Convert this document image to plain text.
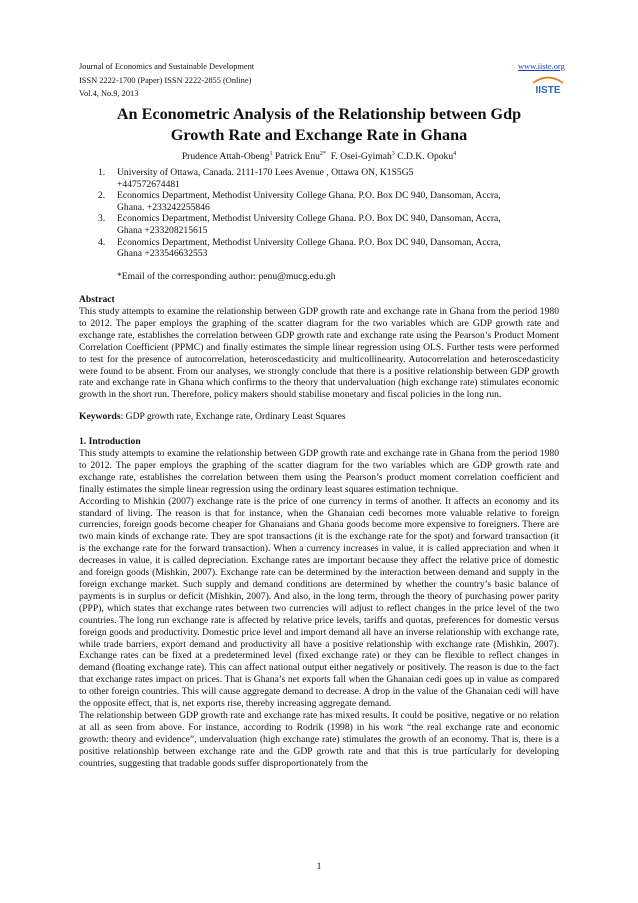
Journal of Economics and Sustainable Development
ISSN 2222-1700 (Paper) ISSN 2222-2855 (Online)
Vol.4, No.9, 2013
www.iiste.org
IISTE
An Econometric Analysis of the Relationship between Gdp
Growth Rate and Exchange Rate in Ghana
Prudence Attah-Obeng$^1$ Patrick Enu$^{2*}$ F. Osei-Gyimah$^3$ C.D.K. Opoku$^4$
1. University of Ottawa, Canada. 2111-170 Lees Avenue , Ottawa ON, K1S5G5
+447572674481
2. Economics Department, Methodist University College Ghana. P.O. Box DC 940, Dansoman, Accra,
Ghana. +233242255846
3. Economics Department, Methodist University College Ghana. P.O. Box DC 940, Dansoman, Accra,
Ghana +233208215615
4. Economics Department, Methodist University College Ghana. P.O. Box DC 940, Dansoman, Accra,
Ghana +233546632553
*Email of the corresponding author: penu@mucg.edu.gh
Abstract
This study attempts to examine the relationship between GDP growth rate and exchange rate in Ghana from the period 1980 to 2012. The paper employs the graphing of the scatter diagram for the two variables which are GDP growth rate and exchange rate, establishes the correlation between GDP growth rate and exchange rate using the Pearson’s Product Moment Correlation Coefficient (PPMC) and finally estimates the simple linear regression using OLS. Further tests were performed to test for the presence of autocorrelation, heteroscedasticity and multicollinearity. Autocorrelation and heteroscedasticity were found to be absent. From our analyses, we strongly conclude that there is a positive relationship between GDP growth rate and exchange rate in Ghana which confirms to the theory that undervaluation (high exchange rate) stimulates economic growth in the short run. Therefore, policy makers should stabilise monetary and fiscal policies in the long run.
Keywords: GDP growth rate, Exchange rate, Ordinary Least Squares
1. Introduction

This study attempts to examine the relationship between GDP growth rate and exchange rate in Ghana from the period 1980 to 2012. The paper employs the graphing of the scatter diagram for the two variables which are GDP growth rate and exchange rate, establishes the correlation between them using the Pearson’s product moment correlation coefficient and finally estimates the simple linear regression using the ordinary least squares estimation technique.

According to Mishkin (2007) exchange rate is the price of one currency in terms of another. It affects an economy and its standard of living. The reason is that for instance, when the Ghanaian cedi becomes more valuable relative to foreign currencies, foreign goods become cheaper for Ghanaians and Ghana goods become more expensive to foreigners. There are two main kinds of exchange rate. They are spot transactions (it is the exchange rate for the spot) and forward transaction (it is the exchange rate for the forward transaction). When a currency increases in value, it is called appreciation and when it decreases in value, it is called depreciation. Exchange rates are important because they affect the relative price of domestic and foreign goods (Mishkin, 2007). Exchange rate can be determined by the interaction between demand and supply in the foreign exchange market. Such supply and demand conditions are determined by whether the country’s basic balance of payments is in surplus or deficit (Mishkin, 2007). And also, in the long term, through the theory of purchasing power parity (PPP), which states that exchange rates between two currencies will adjust to reflect changes in the price level of the two countries. The long run exchange rate is affected by relative price levels, tariffs and quotas, preferences for domestic versus foreign goods and productivity. Domestic price level and import demand all have an inverse relationship with exchange rate, while trade barriers, export demand and productivity all have a positive relationship with exchange rate (Mishkin, 2007). Exchange rates can be fixed at a predetermined level (fixed exchange rate) or they can be flexible to reflect changes in demand (floating exchange rate). This can affect national output either negatively or positively. The reason is due to the fact that exchange rates impact on prices. That is Ghana’s net exports fall when the Ghanaian cedi goes up in value as compared to other foreign countries. This will cause aggregate demand to decrease. A drop in the value of the Ghanaian cedi will have the opposite effect, that is, net exports rise, thereby increasing aggregate demand.

The relationship between GDP growth rate and exchange rate has mixed results. It could be positive, negative or no relation at all as seen from above. For instance, according to Rodrik (1998) in his work “the real exchange rate and economic growth: theory and evidence”, undervaluation (high exchange rate) stimulates the growth of an economy. That is, there is a positive relationship between exchange rate and the GDP growth rate and that this is true particularly for developing countries, suggesting that tradable goods suffer disproportionately from the

1
